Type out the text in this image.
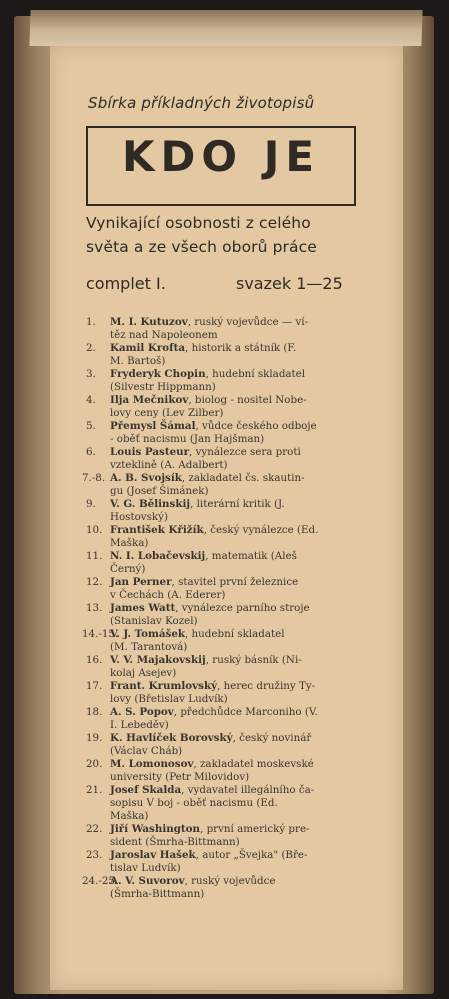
Sbírka příkladných životopisů
KDO JE
Vynikající osobnosti z celého
světa a ze všech oborů práce
complet I.	svazek 1—25
1.	M. I. Kutuzov, ruský vojevůdce — ví-
těz nad Napoleonem
2.	Kamil Krofta, historik a státník (F.
M. Bartoš)
3.	Fryderyk Chopin, hudební skladatel
(Silvestr Hippmann)
4.	Ilja Mečnikov, biolog - nositel Nobe-
lovy ceny (Lev Zilber)
5.	Přemysl Šámal, vůdce českého odboje
- oběť nacismu (Jan Hajšman)
6.	Louis Pasteur, vynálezce sera proti
vzteklině (A. Adalbert)
7.-8. A. B. Svojsík, zakladatel čs. skautin-
gu (Josef Šimánek)
9.	V. G. Bělinskij, literární kritik (J.
Hostovský)
10. František Křižík, český vynálezce (Ed.
Maška)
11. N. I. Lobačevskij, matematik (Aleš
Černý)
12. Jan Perner, stavitel první železnice
v Čechách (A. Ederer)
13. James Watt, vynálezce parního stroje
(Stanislav Kozel)
14.-15.
V. J. Tomášek, hudební skladatel
(M. Tarantová)
16. V. V. Majakovskij, ruský básník (Ni-
kolaj Asejev)
17. Frant. Krumlovský, herec družiny Ty-
lovy (Břetislav Ludvík)
18. A. S. Popov, předchůdce Marconiho (V.
I. Lebeděv)
19. K. Havlíček Borovský, český novinář
(Václav Cháb)
20. M. Lomonosov, zakladatel moskevské
university (Petr Milovidov)
21. Josef Skalda, vydavatel illegálního ča-
sopisu V boj - oběť nacismu (Ed.
Maška)
22. Jiří Washington, první americký pre-
sident (Šmrha-Bittmann)
23. Jaroslav Hašek, autor „Švejka" (Bře-
tislav Ludvík)
24.-25.
A. V. Suvorov, ruský vojevůdce
(Šmrha-Bittmann)
